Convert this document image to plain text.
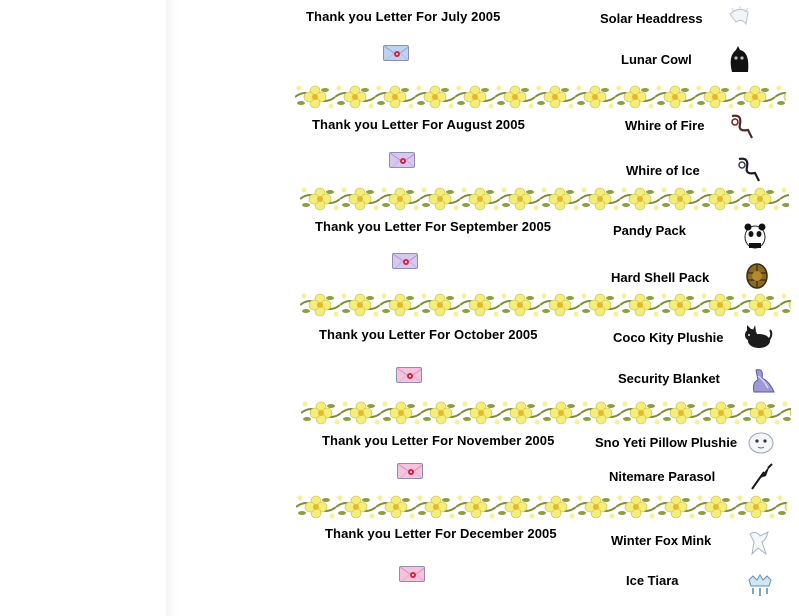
Thank you Letter For July 2005	Solar Headdress
Lunar Cowl
Thank you Letter For August 2005	Whire of Fire
Whire of Ice
Thank you Letter For September 2005	Pandy Pack
Hard Shell Pack
Thank you Letter For October 2005	Coco Kity Plushie
Security Blanket
Thank you Letter For November 2005	Sno Yeti Pillow Plushie
Nitemare Parasol
Thank you Letter For December 2005	Winter Fox Mink
Ice Tiara
